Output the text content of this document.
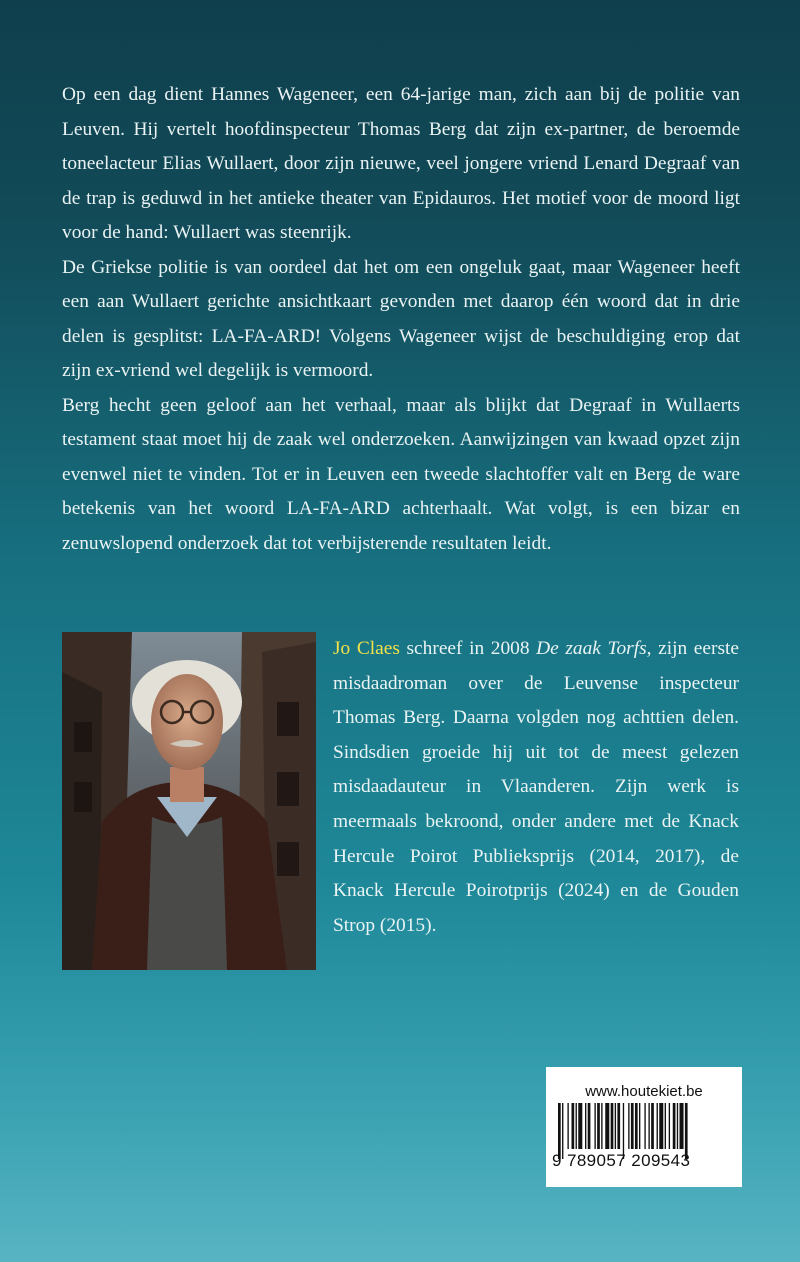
Op een dag dient Hannes Wageneer, een 64-jarige man, zich aan bij de politie van Leuven. Hij vertelt hoofdinspecteur Thomas Berg dat zijn ex-partner, de beroemde toneelacteur Elias Wullaert, door zijn nieuwe, veel jongere vriend Lenard Degraaf van de trap is geduwd in het antieke theater van Epidauros. Het motief voor de moord ligt voor de hand: Wullaert was steenrijk.

De Griekse politie is van oordeel dat het om een ongeluk gaat, maar Wageneer heeft een aan Wullaert gerichte ansichtkaart gevonden met daarop één woord dat in drie delen is gesplitst: LA-FA-ARD! Volgens Wageneer wijst de beschuldiging erop dat zijn ex-vriend wel degelijk is vermoord.

Berg hecht geen geloof aan het verhaal, maar als blijkt dat Degraaf in Wullaerts testament staat moet hij de zaak wel onderzoeken. Aanwijzingen van kwaad opzet zijn evenwel niet te vinden. Tot er in Leuven een tweede slachtoffer valt en Berg de ware betekenis van het woord LA-FA-ARD achterhaalt. Wat volgt, is een bizar en zenuwslopend onderzoek dat tot verbijsterende resultaten leidt.

Jo Claes schreef in 2008 De zaak Torfs, zijn eerste misdaadroman over de Leuvense inspecteur Thomas Berg. Daarna volgden nog achttien delen. Sindsdien groeide hij uit tot de meest gelezen misdaadauteur in Vlaanderen. Zijn werk is meermaals bekroond, onder andere met de Knack Hercule Poirot Publieksprijs (2014, 2017), de Knack Hercule Poirotprijs (2024) en de Gouden Strop (2015).

www.houtekiet.be
9 789057 209543
